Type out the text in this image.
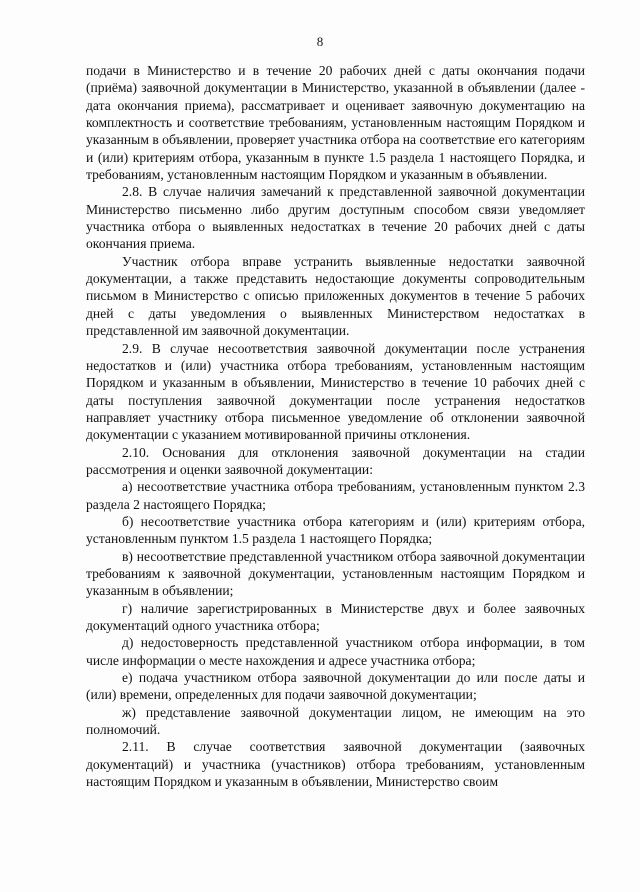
8

подачи в Министерство и в течение 20 рабочих дней с даты окончания подачи (приёма) заявочной документации в Министерство, указанной в объявлении (далее - дата окончания приема), рассматривает и оценивает заявочную документацию на комплектность и соответствие требованиям, установленным настоящим Порядком и указанным в объявлении, проверяет участника отбора на соответствие его категориям и (или) критериям отбора, указанным в пункте 1.5 раздела 1 настоящего Порядка, и требованиям, установленным настоящим Порядком и указанным в объявлении.

2.8. В случае наличия замечаний к представленной заявочной документации Министерство письменно либо другим доступным способом связи уведомляет участника отбора о выявленных недостатках в течение 20 рабочих дней с даты окончания приема.

Участник отбора вправе устранить выявленные недостатки заявочной документации, а также представить недостающие документы сопроводительным письмом в Министерство с описью приложенных документов в течение 5 рабочих дней с даты уведомления о выявленных Министерством недостатках в представленной им заявочной документации.

2.9. В случае несоответствия заявочной документации после устранения недостатков и (или) участника отбора требованиям, установленным настоящим Порядком и указанным в объявлении, Министерство в течение 10 рабочих дней с даты поступления заявочной документации после устранения недостатков направляет участнику отбора письменное уведомление об отклонении заявочной документации с указанием мотивированной причины отклонения.

2.10. Основания для отклонения заявочной документации на стадии рассмотрения и оценки заявочной документации:

а) несоответствие участника отбора требованиям, установленным пунктом 2.3 раздела 2 настоящего Порядка;

б) несоответствие участника отбора категориям и (или) критериям отбора, установленным пунктом 1.5 раздела 1 настоящего Порядка;

в) несоответствие представленной участником отбора заявочной документации требованиям к заявочной документации, установленным настоящим Порядком и указанным в объявлении;

г) наличие зарегистрированных в Министерстве двух и более заявочных документаций одного участника отбора;

д) недостоверность представленной участником отбора информации, в том числе информации о месте нахождения и адресе участника отбора;

е) подача участником отбора заявочной документации до или после даты и (или) времени, определенных для подачи заявочной документации;

ж) представление заявочной документации лицом, не имеющим на это полномочий.

2.11. В случае соответствия заявочной документации (заявочных документаций) и участника (участников) отбора требованиям, установленным настоящим Порядком и указанным в объявлении, Министерство своим
